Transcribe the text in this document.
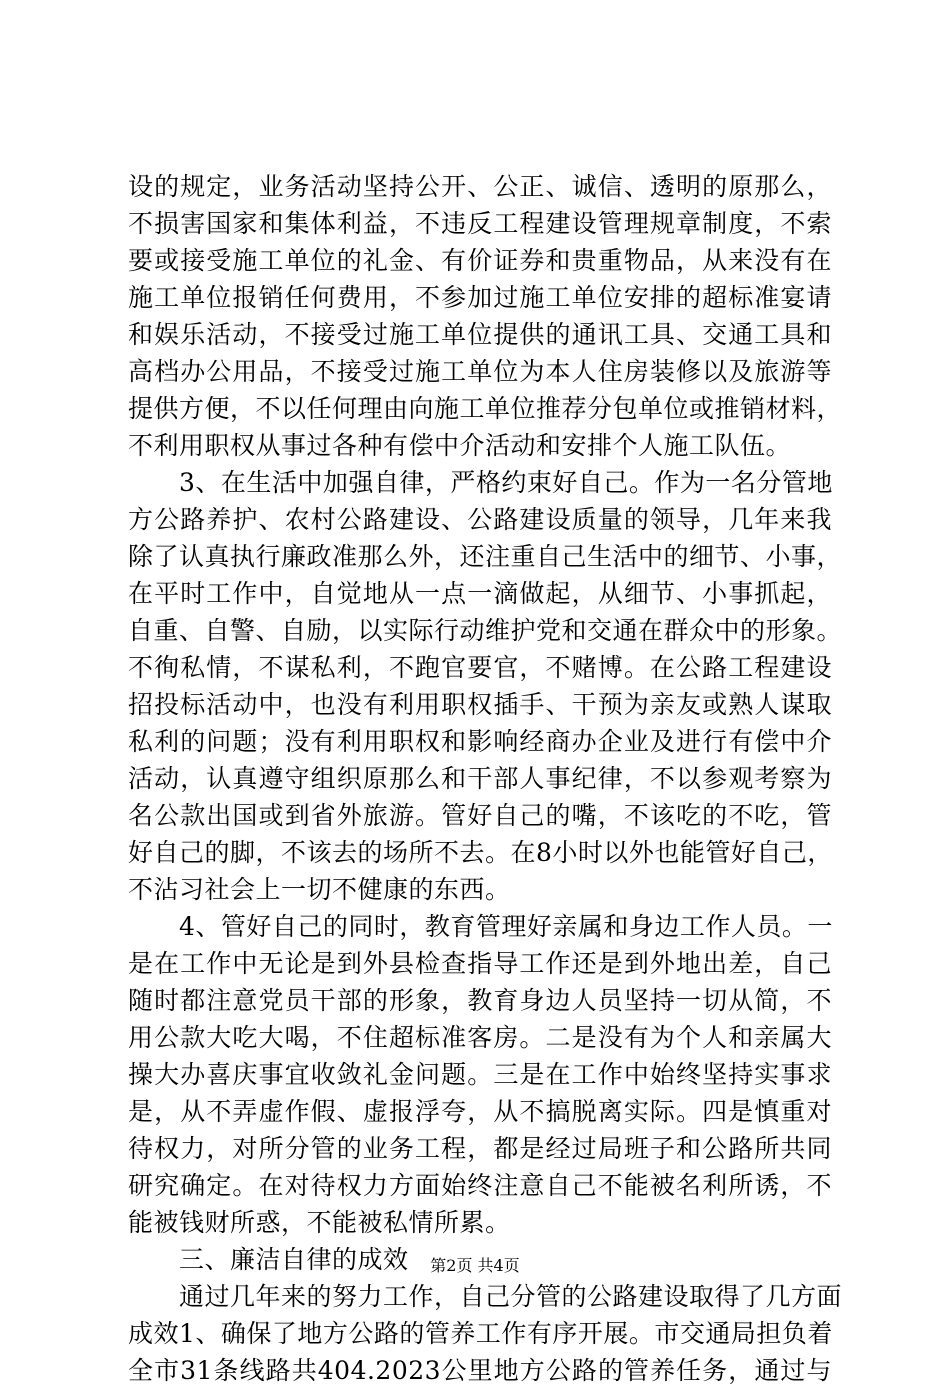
设的规定，业务活动坚持公开、公正、诚信、透明的原那么，
不损害国家和集体利益，不违反工程建设管理规章制度，不索
要或接受施工单位的礼金、有价证券和贵重物品，从来没有在
施工单位报销任何费用，不参加过施工单位安排的超标准宴请
和娱乐活动，不接受过施工单位提供的通讯工具、交通工具和
高档办公用品，不接受过施工单位为本人住房装修以及旅游等
提供方便，不以任何理由向施工单位推荐分包单位或推销材料，
不利用职权从事过各种有偿中介活动和安排个人施工队伍。
　　3、在生活中加强自律，严格约束好自己。作为一名分管地
方公路养护、农村公路建设、公路建设质量的领导，几年来我
除了认真执行廉政准那么外，还注重自己生活中的细节、小事，
在平时工作中，自觉地从一点一滴做起，从细节、小事抓起，
自重、自警、自励，以实际行动维护党和交通在群众中的形象。
不徇私情，不谋私利，不跑官要官，不赌博。在公路工程建设
招投标活动中，也没有利用职权插手、干预为亲友或熟人谋取
私利的问题；没有利用职权和影响经商办企业及进行有偿中介
活动，认真遵守组织原那么和干部人事纪律，不以参观考察为
名公款出国或到省外旅游。管好自己的嘴，不该吃的不吃，管
好自己的脚，不该去的场所不去。在8小时以外也能管好自己，
不沾习社会上一切不健康的东西。
　　4、管好自己的同时，教育管理好亲属和身边工作人员。一
是在工作中无论是到外县检查指导工作还是到外地出差，自己
随时都注意党员干部的形象，教育身边人员坚持一切从简，不
用公款大吃大喝，不住超标准客房。二是没有为个人和亲属大
操大办喜庆事宜收敛礼金问题。三是在工作中始终坚持实事求
是，从不弄虚作假、虚报浮夸，从不搞脱离实际。四是慎重对
待权力，对所分管的业务工程，都是经过局班子和公路所共同
研究确定。在对待权力方面始终注意自己不能被名利所诱，不
能被钱财所惑，不能被私情所累。
　　三、廉洁自律的成效
　　通过几年来的努力工作，自己分管的公路建设取得了几方面
成效1、确保了地方公路的管养工作有序开展。市交通局担负着
全市31条线路共404.2023公里地方公路的管养任务，通过与
第2页 共4页
